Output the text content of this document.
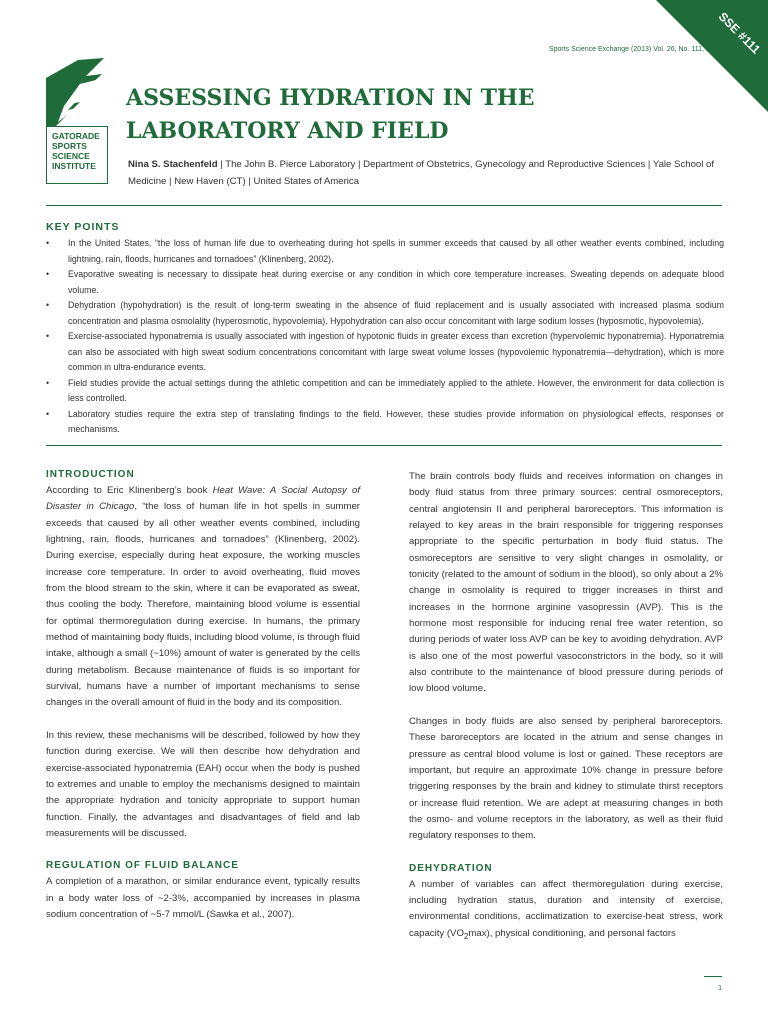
SSE #111
Sports Science Exchange (2013) Vol. 26, No. 111, 1-4
GATORADE
SPORTS
SCIENCE
INSTITUTE
ASSESSING HYDRATION IN THE
LABORATORY AND FIELD
Nina S. Stachenfeld | The John B. Pierce Laboratory | Department of Obstetrics, Gynecology and Reproductive Sciences | Yale School of Medicine | New Haven (CT) | United States of America
KEY POINTS
• In the United States, “the loss of human life due to overheating during hot spells in summer exceeds that caused by all other weather events combined, including lightning, rain, floods, hurricanes and tornadoes” (Klinenberg, 2002).
• Evaporative sweating is necessary to dissipate heat during exercise or any condition in which core temperature increases. Sweating depends on adequate blood volume.
• Dehydration (hypohydration) is the result of long-term sweating in the absence of fluid replacement and is usually associated with increased plasma sodium concentration and plasma osmolality (hyperosmotic, hypovolemia). Hypohydration can also occur concomitant with large sodium losses (hyposmotic, hypovolemia).
• Exercise-associated hyponatremia is usually associated with ingestion of hypotonic fluids in greater excess than excretion (hypervolemic hyponatremia). Hyponatremia can also be associated with high sweat sodium concentrations concomitant with large sweat volume losses (hypovolemic hyponatremia—dehydration), which is more common in ultra-endurance events.
• Field studies provide the actual settings during the athletic competition and can be immediately applied to the athlete. However, the environment for data collection is less controlled.
• Laboratory studies require the extra step of translating findings to the field. However, these studies provide information on physiological effects, responses or mechanisms.
INTRODUCTION

According to Eric Klinenberg’s book Heat Wave: A Social Autopsy of Disaster in Chicago, “the loss of human life in hot spells in summer exceeds that caused by all other weather events combined, including lightning, rain, floods, hurricanes and tornadoes” (Klinenberg, 2002). During exercise, especially during heat exposure, the working muscles increase core temperature. In order to avoid overheating, fluid moves from the blood stream to the skin, where it can be evaporated as sweat, thus cooling the body. Therefore, maintaining blood volume is essential for optimal thermoregulation during exercise. In humans, the primary method of maintaining body fluids, including blood volume, is through fluid intake, although a small (~10%) amount of water is generated by the cells during metabolism. Because maintenance of fluids is so important for survival, humans have a number of important mechanisms to sense changes in the overall amount of fluid in the body and its composition.

In this review, these mechanisms will be described, followed by how they function during exercise. We will then describe how dehydration and exercise-associated hyponatremia (EAH) occur when the body is pushed to extremes and unable to employ the mechanisms designed to maintain the appropriate hydration and tonicity appropriate to support human function. Finally, the advantages and disadvantages of field and lab measurements will be discussed.

REGULATION OF FLUID BALANCE

A completion of a marathon, or similar endurance event, typically results in a body water loss of ~2-3%, accompanied by increases in plasma sodium concentration of ~5-7 mmol/L (Sawka et al., 2007).

The brain controls body fluids and receives information on changes in body fluid status from three primary sources: central osmoreceptors, central angiotensin II and peripheral baroreceptors. This information is relayed to key areas in the brain responsible for triggering responses appropriate to the specific perturbation in body fluid status. The osmoreceptors are sensitive to very slight changes in osmolality, or tonicity (related to the amount of sodium in the blood), so only about a 2% change in osmolality is required to trigger increases in thirst and increases in the hormone arginine vasopressin (AVP). This is the hormone most responsible for inducing renal free water retention, so during periods of water loss AVP can be key to avoiding dehydration. AVP is also one of the most powerful vasoconstrictors in the body, so it will also contribute to the maintenance of blood pressure during periods of low blood volume.

Changes in body fluids are also sensed by peripheral baroreceptors. These baroreceptors are located in the atrium and sense changes in pressure as central blood volume is lost or gained. These receptors are important, but require an approximate 10% change in pressure before triggering responses by the brain and kidney to stimulate thirst receptors or increase fluid retention. We are adept at measuring changes in both the osmo- and volume receptors in the laboratory, as well as their fluid regulatory responses to them.

DEHYDRATION

A number of variables can affect thermoregulation during exercise, including hydration status, duration and intensity of exercise, environmental conditions, acclimatization to exercise-heat stress, work capacity $(VO_2\max)$, physical conditioning, and personal factors

1
